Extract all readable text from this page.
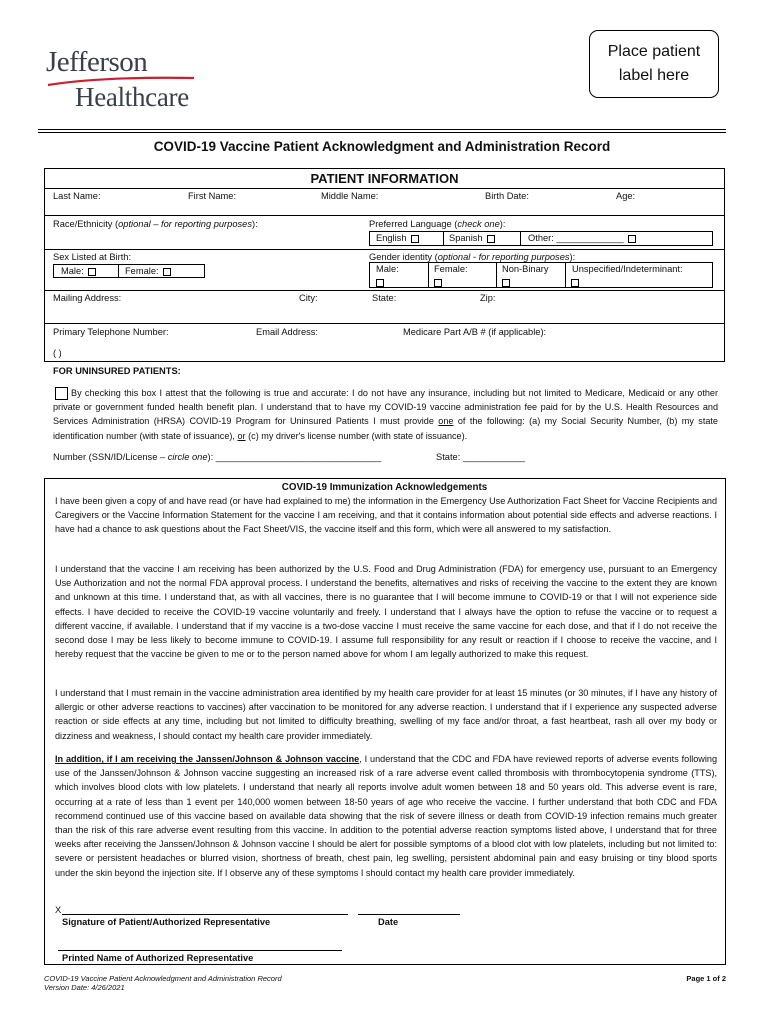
Jefferson
Healthcare
Place patient
label here
COVID-19 Vaccine Patient Acknowledgment and Administration Record
PATIENT INFORMATION
Last Name:	First Name:	Middle Name:	Birth Date:	Age:
Race/Ethnicity (optional – for reporting purposes):	Preferred Language (check one):
English	Spanish	Other: _____________
Sex Listed at Birth:
Male:	Female:
Gender identity (optional - for reporting purposes):
Male:	Female:	Non-Binary	Unspecified/Indeterminant:
Mailing Address:	City:	State:	Zip:
Primary Telephone Number:	Email Address:	Medicare Part A/B # (if applicable):
( )
FOR UNINSURED PATIENTS:
By checking this box I attest that the following is true and accurate: I do not have any insurance, including but not limited to Medicare, Medicaid or any other private or government funded health benefit plan. I understand that to have my COVID-19 vaccine administration fee paid for by the U.S. Health Resources and Services Administration (HRSA) COVID-19 Program for Uninsured Patients I must provide one of the following: (a) my Social Security Number, (b) my state identification number (with state of issuance), or (c) my driver's license number (with state of issuance).
Number (SSN/ID/License – circle one): ________________________________	State: ____________
COVID-19 Immunization Acknowledgements
I have been given a copy of and have read (or have had explained to me) the information in the Emergency Use Authorization Fact Sheet for Vaccine Recipients and Caregivers or the Vaccine Information Statement for the vaccine I am receiving, and that it contains information about potential side effects and adverse reactions. I have had a chance to ask questions about the Fact Sheet/VIS, the vaccine itself and this form, which were all answered to my satisfaction.
I understand that the vaccine I am receiving has been authorized by the U.S. Food and Drug Administration (FDA) for emergency use, pursuant to an Emergency Use Authorization and not the normal FDA approval process. I understand the benefits, alternatives and risks of receiving the vaccine to the extent they are known and unknown at this time. I understand that, as with all vaccines, there is no guarantee that I will become immune to COVID-19 or that I will not experience side effects. I have decided to receive the COVID-19 vaccine voluntarily and freely. I understand that I always have the option to refuse the vaccine or to request a different vaccine, if available. I understand that if my vaccine is a two-dose vaccine I must receive the same vaccine for each dose, and that if I do not receive the second dose I may be less likely to become immune to COVID-19. I assume full responsibility for any result or reaction if I choose to receive the vaccine, and I hereby request that the vaccine be given to me or to the person named above for whom I am legally authorized to make this request.
I understand that I must remain in the vaccine administration area identified by my health care provider for at least 15 minutes (or 30 minutes, if I have any history of allergic or other adverse reactions to vaccines) after vaccination to be monitored for any adverse reaction. I understand that if I experience any suspected adverse reaction or side effects at any time, including but not limited to difficulty breathing, swelling of my face and/or throat, a fast heartbeat, rash all over my body or dizziness and weakness, I should contact my health care provider immediately.
In addition, if I am receiving the Janssen/Johnson & Johnson vaccine, I understand that the CDC and FDA have reviewed reports of adverse events following use of the Janssen/Johnson & Johnson vaccine suggesting an increased risk of a rare adverse event called thrombosis with thrombocytopenia syndrome (TTS), which involves blood clots with low platelets. I understand that nearly all reports involve adult women between 18 and 50 years old. This adverse event is rare, occurring at a rate of less than 1 event per 140,000 women between 18-50 years of age who receive the vaccine. I further understand that both CDC and FDA recommend continued use of this vaccine based on available data showing that the risk of severe illness or death from COVID-19 infection remains much greater than the risk of this rare adverse event resulting from this vaccine. In addition to the potential adverse reaction symptoms listed above, I understand that for three weeks after receiving the Janssen/Johnson & Johnson vaccine I should be alert for possible symptoms of a blood clot with low platelets, including but not limited to: severe or persistent headaches or blurred vision, shortness of breath, chest pain, leg swelling, persistent abdominal pain and easy bruising or tiny blood sports under the skin beyond the injection site. If I observe any of these symptoms I should contact my health care provider immediately.
X
Signature of Patient/Authorized Representative	Date
Printed Name of Authorized Representative
COVID-19 Vaccine Patient Acknowledgment and Administration Record
Version Date: 4/26/2021
Page 1 of 2
